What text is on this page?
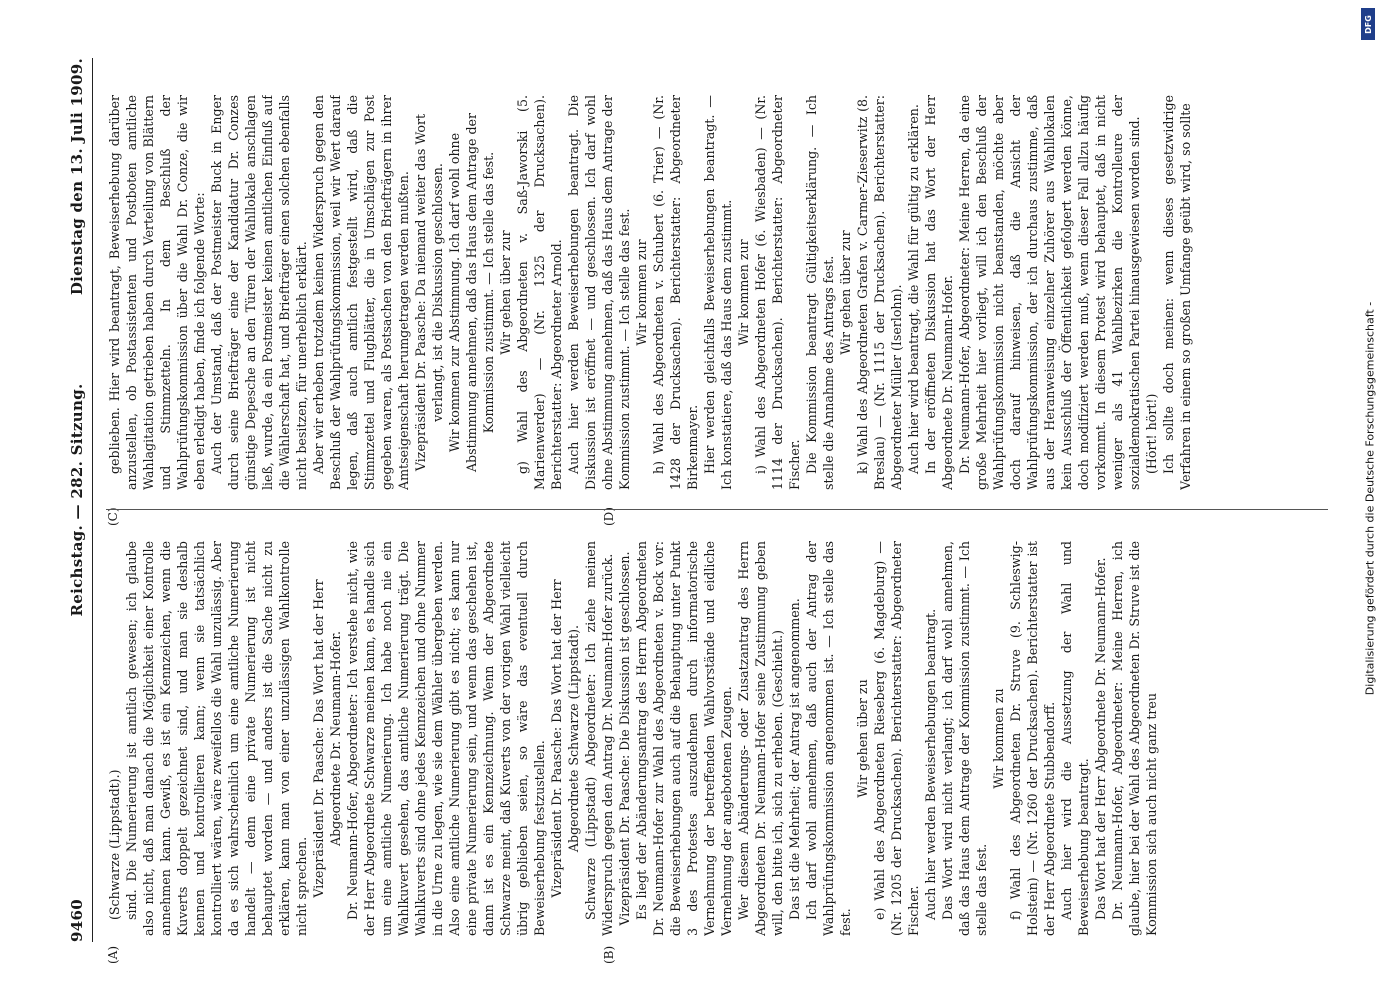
9460
Reichstag. — 282. Sitzung.
Dienstag den 13. Juli 1909.
(A)	(B)
(C)	(D)

(Schwarze (Lippstadt).) sind. Die Numerierung ist amtlich gewesen; ich glaube also nicht, daß man danach die Möglichkeit einer Kontrolle annehmen kann. Gewiß, es ist ein Kennzeichen, wenn die Kuverts doppelt gezeichnet sind, und man sie deshalb kennen und kontrollieren kann; wenn sie tatsächlich kontrolliert wären, wäre zweifellos die Wahl unzulässig. Aber da es sich wahrscheinlich um eine amtliche Numerierung handelt — denn eine private Numerierung ist nicht behauptet worden — und anders ist die Sache nicht zu erklären, kann man von einer unzulässigen Wahlkontrolle nicht sprechen. Vizepräsident Dr. Paasche: Das Wort hat der Herr Abgeordnete Dr. Neumann-Hofer. Dr. Neumann-Hofer, Abgeordneter: Ich verstehe nicht, wie der Herr Abgeordnete Schwarze meinen kann, es handle sich um eine amtliche Numerierung. Ich habe noch nie ein Wahlkuvert gesehen, das amtliche Numerierung trägt. Die Wahlkuverts sind ohne jedes Kennzeichen und ohne Nummer in die Urne zu legen, wie sie dem Wähler übergeben werden. Also eine amtliche Numerierung gibt es nicht; es kann nur eine private Numerierung sein, und wenn das geschehen ist, dann ist es ein Kennzeichnung. Wenn der Abgeordnete Schwarze meint, daß Kuverts von der vorigen Wahl vielleicht übrig geblieben seien, so wäre das eventuell durch Beweiserhebung festzustellen. Vizepräsident Dr. Paasche: Das Wort hat der Herr Abgeordnete Schwarze (Lippstadt). Schwarze (Lippstadt) Abgeordneter: Ich ziehe meinen Widerspruch gegen den Antrag Dr. Neumann-Hofer zurück. Vizepräsident Dr. Paasche: Die Diskussion ist geschlossen. Es liegt der Abänderungsantrag des Herrn Abgeordneten Dr. Neumann-Hofer zur Wahl des Abgeordneten v. Bock vor: die Beweiserhebungen auch auf die Behauptung unter Punkt 3 des Protestes auszudehnen durch informatorische Vernehmung der betreffenden Wahlvorstände und eidliche Vernehmung der angebotenen Zeugen. Wer diesem Abänderungs- oder Zusatzantrag des Herrn Abgeordneten Dr. Neumann-Hofer seine Zustimmung geben will, den bitte ich, sich zu erheben. (Geschieht.) Das ist die Mehrheit; der Antrag ist angenommen. Ich darf wohl annehmen, daß auch der Antrag der Wahlprüfungskommission angenommen ist. — Ich stelle das fest.

Wir gehen über zu e) Wahl des Abgeordneten Rieseberg (6. Magdeburg) — (Nr. 1205 der Drucksachen). Berichterstatter: Abgeordneter Fischer. Auch hier werden Beweiserhebungen beantragt. Das Wort wird nicht verlangt; ich darf wohl annehmen, daß das Haus dem Antrage der Kommission zustimmt. — Ich stelle das fest.

Wir kommen zu f) Wahl des Abgeordneten Dr. Struve (9. Schleswig-Holstein) — (Nr. 1260 der Drucksachen). Berichterstatter ist der Herr Abgeordnete Stubbendorff. Auch hier wird die Aussetzung der Wahl und Beweiserhebung beantragt. Das Wort hat der Herr Abgeordnete Dr. Neumann-Hofer. Dr. Neumann-Hofer, Abgeordneter: Meine Herren, ich glaube, hier bei der Wahl des Abgeordneten Dr. Struve ist die Kommission sich auch nicht ganz treu

geblieben. Hier wird beantragt, Beweiserhebung darüber anzustellen, ob Postassistenten und Postboten amtliche Wahlagitation getrieben haben durch Verteilung von Blättern und Stimmzetteln. In dem Beschluß der Wahlprüfungskommission über die Wahl Dr. Conze, die wir eben erledigt haben, finde ich folgende Worte: Auch der Umstand, daß der Postmeister Buck in Enger durch seine Briefträger eine der Kandidatur Dr. Conzes günstige Depesche an den Türen der Wahllokale anschlagen ließ, wurde, da ein Postmeister keinen amtlichen Einfluß auf die Wählerschaft hat, und Briefträger einen solchen ebenfalls nicht besitzen, für unerheblich erklärt. Aber wir erheben trotzdem keinen Widerspruch gegen den Beschluß der Wahlprüfungskommission, weil wir Wert darauf legen, daß auch amtlich festgestellt wird, daß die Stimmzettel und Flugblätter, die in Umschlägen zur Post gegeben waren, als Postsachen von den Briefträgern in ihrer Amtseigenschaft herumgetragen werden mußten. Vizepräsident Dr. Paasche: Da niemand weiter das Wort verlangt, ist die Diskussion geschlossen. Wir kommen zur Abstimmung. Ich darf wohl ohne Abstimmung annehmen, daß das Haus dem Antrage der Kommission zustimmt. — Ich stelle das fest. Wir gehen über zur g) Wahl des Abgeordneten v. Saß-Jaworski (5. Marienwerder) — (Nr. 1325 der Drucksachen). Berichterstatter: Abgeordneter Arnold. Auch hier werden Beweiserhebungen beantragt. Die Diskussion ist eröffnet — und geschlossen. Ich darf wohl ohne Abstimmung annehmen, daß das Haus dem Antrage der Kommission zustimmt. — Ich stelle das fest. Wir kommen zur h) Wahl des Abgeordneten v. Schubert (6. Trier) — (Nr. 1428 der Drucksachen). Berichterstatter: Abgeordneter Birkenmayer. Hier werden gleichfalls Beweiserhebungen beantragt. — Ich konstatiere, daß das Haus dem zustimmt. Wir kommen zur i) Wahl des Abgeordneten Hofer (6. Wiesbaden) — (Nr. 1114 der Drucksachen). Berichterstatter: Abgeordneter Fischer. Die Kommission beantragt Gültigkeitserklärung. — Ich stelle die Annahme des Antrags fest. Wir gehen über zur k) Wahl des Abgeordneten Grafen v. Carmer-Zieserwitz (8. Breslau) — (Nr. 1115 der Drucksachen). Berichterstatter: Abgeordneter Müller (Iserlohn). Auch hier wird beantragt, die Wahl für gültig zu erklären. In der eröffneten Diskussion hat das Wort der Herr Abgeordnete Dr. Neumann-Hofer. Dr. Neumann-Hofer, Abgeordneter: Meine Herren, da eine große Mehrheit hier vorliegt, will ich den Beschluß der Wahlprüfungskommission nicht beanstanden, möchte aber doch darauf hinweisen, daß die Ansicht der Wahlprüfungskommission, der ich durchaus zustimme, daß aus der Heranweisung einzelner Zuhörer aus Wahllokalen kein Ausschluß der Öffentlichkeit gefolgert werden könne, doch modifiziert werden muß, wenn dieser Fall allzu häufig vorkommt. In diesem Protest wird behauptet, daß in nicht weniger als 41 Wahlbezirken die Kontrolleure der sozialdemokratischen Partei hinausgewiesen worden sind. (Hört! hört!) Ich sollte doch meinen: wenn dieses gesetzwidrige Verfahren in einem so großen Umfange geübt wird, so sollte

DFG
Digitalisierung gefördert durch die Deutsche Forschungsgemeinschaft -
